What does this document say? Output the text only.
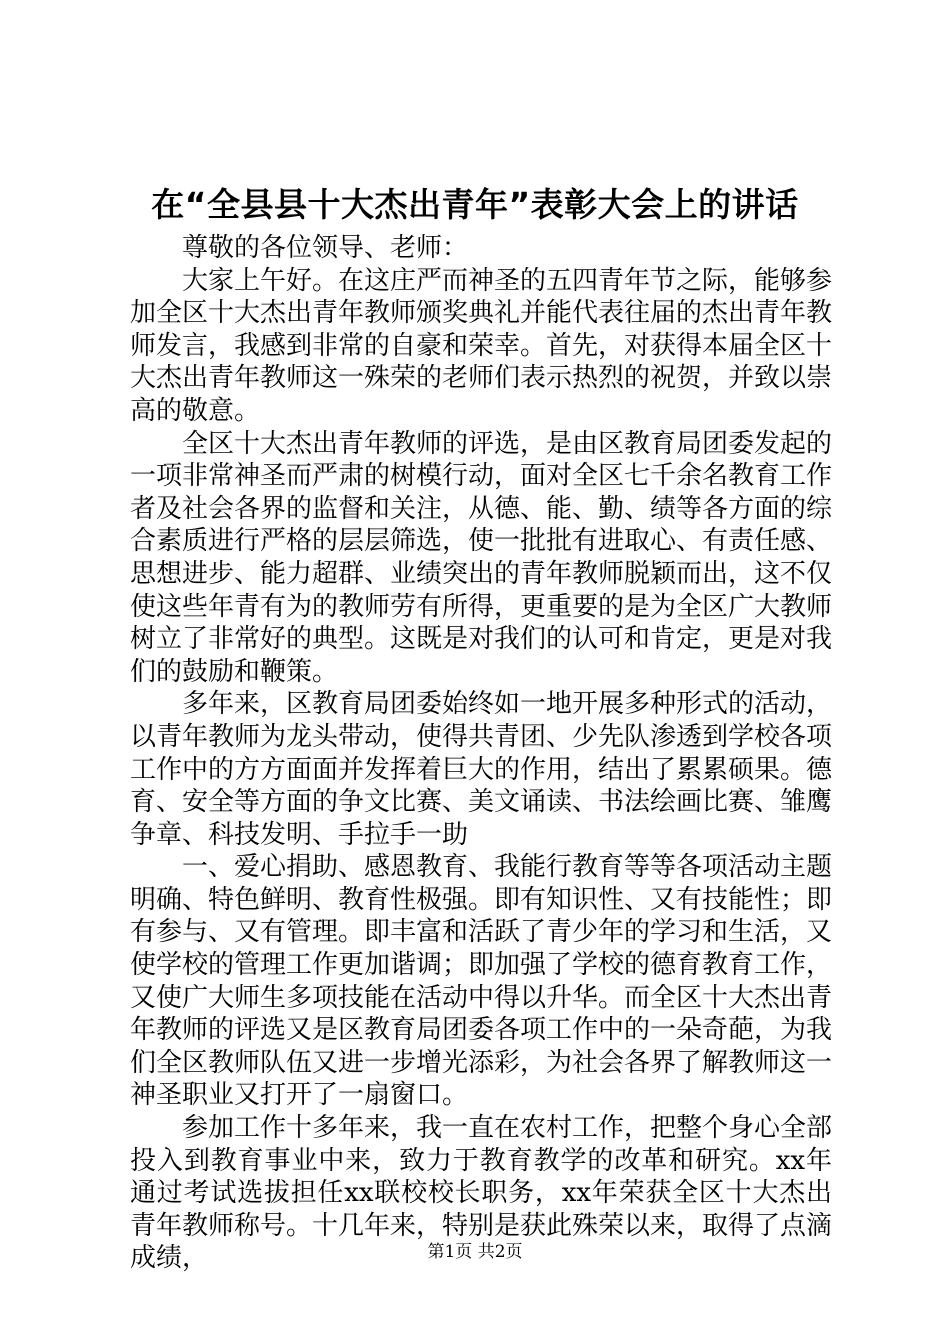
在“全县县十大杰出青年”表彰大会上的讲话

尊敬的各位领导、老师：

大家上午好。在这庄严而神圣的五四青年节之际，能够参加全区十大杰出青年教师颁奖典礼并能代表往届的杰出青年教师发言，我感到非常的自豪和荣幸。首先，对获得本届全区十大杰出青年教师这一殊荣的老师们表示热烈的祝贺，并致以崇高的敬意。

全区十大杰出青年教师的评选，是由区教育局团委发起的一项非常神圣而严肃的树模行动，面对全区七千余名教育工作者及社会各界的监督和关注，从德、能、勤、绩等各方面的综合素质进行严格的层层筛选，使一批批有进取心、有责任感、思想进步、能力超群、业绩突出的青年教师脱颖而出，这不仅使这些年青有为的教师劳有所得，更重要的是为全区广大教师树立了非常好的典型。这既是对我们的认可和肯定，更是对我们的鼓励和鞭策。

多年来，区教育局团委始终如一地开展多种形式的活动，以青年教师为龙头带动，使得共青团、少先队渗透到学校各项工作中的方方面面并发挥着巨大的作用，结出了累累硕果。德育、安全等方面的争文比赛、美文诵读、书法绘画比赛、雏鹰争章、科技发明、手拉手一助

一、爱心捐助、感恩教育、我能行教育等等各项活动主题明确、特色鲜明、教育性极强。即有知识性、又有技能性；即有参与、又有管理。即丰富和活跃了青少年的学习和生活，又使学校的管理工作更加谐调；即加强了学校的德育教育工作，又使广大师生多项技能在活动中得以升华。而全区十大杰出青年教师的评选又是区教育局团委各项工作中的一朵奇葩，为我们全区教师队伍又进一步增光添彩，为社会各界了解教师这一神圣职业又打开了一扇窗口。

参加工作十多年来，我一直在农村工作，把整个身心全部投入到教育事业中来，致力于教育教学的改革和研究。xx年通过考试选拔担任xx联校校长职务，xx年荣获全区十大杰出青年教师称号。十几年来，特别是获此殊荣以来，取得了点滴成绩，	第1页 共2页
